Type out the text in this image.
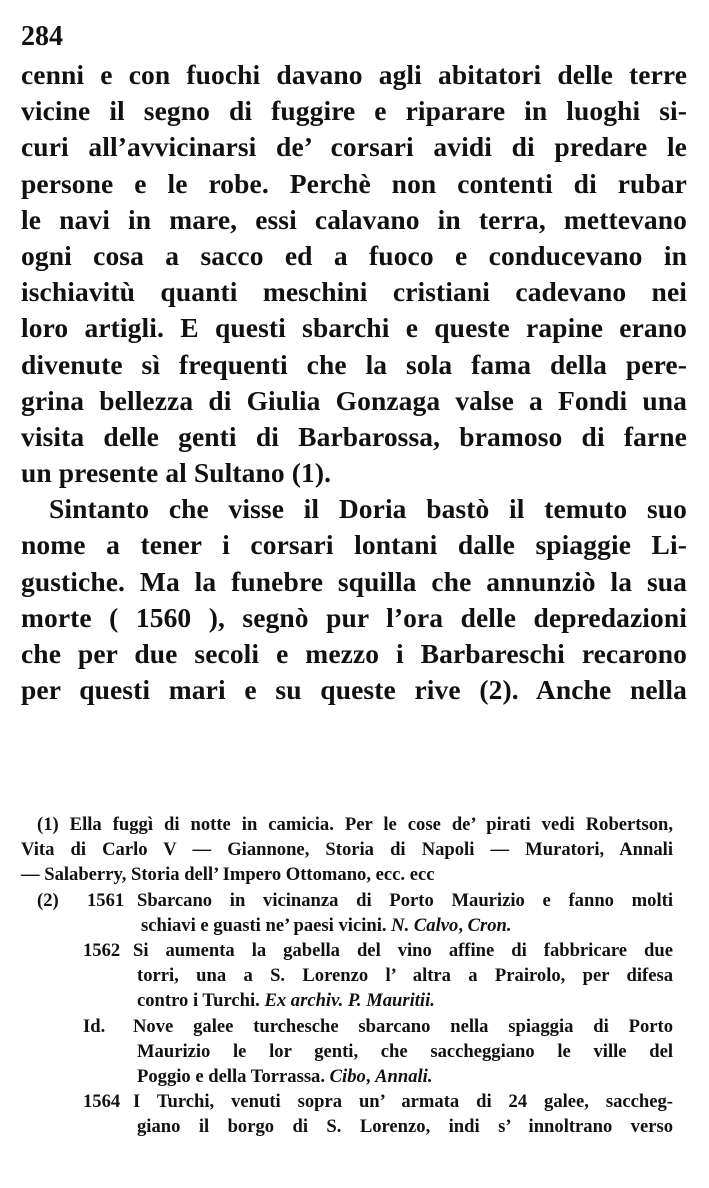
284
cenni e con fuochi davano agli abitatori delle terre
vicine il segno di fuggire e riparare in luoghi si-
curi all’avvicinarsi de’ corsari avidi di predare le
persone e le robe. Perchè non contenti di rubar
le navi in mare, essi calavano in terra, mettevano
ogni cosa a sacco ed a fuoco e conducevano in
ischiavitù quanti meschini cristiani cadevano nei
loro artigli. E questi sbarchi e queste rapine erano
divenute sì frequenti che la sola fama della pere-
grina bellezza di Giulia Gonzaga valse a Fondi una
visita delle genti di Barbarossa, bramoso di farne
un presente al Sultano (1).
Sintanto che visse il Doria bastò il temuto suo
nome a tener i corsari lontani dalle spiaggie Li-
gustiche. Ma la funebre squilla che annunziò la sua
morte ( 1560 ), segnò pur l’ora delle depredazioni
che per due secoli e mezzo i Barbareschi recarono
per questi mari e su queste rive (2). Anche nella
(1) Ella fuggì di notte in camicia. Per le cose de’ pirati vedi Robertson,
Vita di Carlo V — Giannone, Storia di Napoli — Muratori, Annali
— Salaberry, Storia dell’ Impero Ottomano, ecc. ecc
(2) 1561 Sbarcano in vicinanza di Porto Maurizio e fanno molti
schiavi e guasti ne’ paesi vicini. N. Calvo, Cron.
1562 Si aumenta la gabella del vino affine di fabbricare due
torri, una a S. Lorenzo l’ altra a Prairolo, per difesa
contro i Turchi. Ex archiv. P. Mauritii.
Id. Nove galee turchesche sbarcano nella spiaggia di Porto
Maurizio le lor genti, che saccheggiano le ville del
Poggio e della Torrassa. Cibo, Annali.
1564 I Turchi, venuti sopra un’ armata di 24 galee, saccheg-
giano il borgo di S. Lorenzo, indi s’ innoltrano verso
